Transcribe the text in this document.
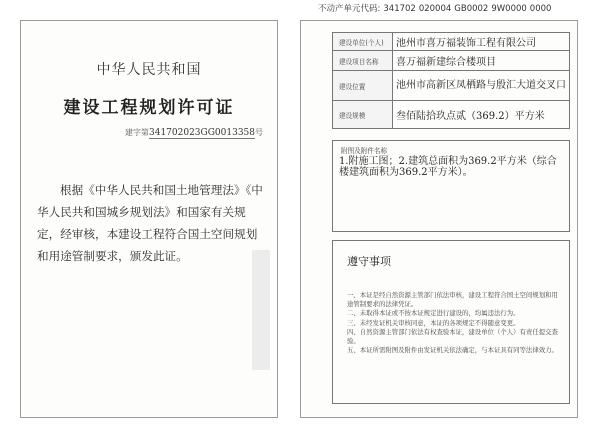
中华人民共和国
建设工程规划许可证
建字第341702023GG0013358号
根据《中华人民共和国土地管理法》《中华人民共和国城乡规划法》和国家有关规定，经审核，本建设工程符合国土空间规划和用途管制要求，颁发此证。
不动产单元代码: 341702 020004 GB0002 9W0000 0000
建设单位(个人)	池州市喜万福装饰工程有限公司
建设项目名称	喜万福新建综合楼项目
建设位置	池州市高新区凤栖路与殷汇大道交叉口
建设规模	叁佰陆拾玖点贰（369.2）平方米
附图及附件名称
1.附施工图；2.建筑总面积为369.2平方米（综合楼建筑面积为369.2平方米）。
遵守事项
一、本证是经自然资源主管部门依法审核，建设工程符合国土空间规划和用途管制要求的法律凭证。
二、未取得本证或不按本证规定进行建设的，均属违法行为。
三、未经发证机关审核同意，本证的各项规定不得随意变更。
四、自然资源主管部门依法有权查验本证，建设单位（个人）有责任提交查验。
五、本证所需附图及附件由发证机关依法确定，与本证具有同等法律效力。
